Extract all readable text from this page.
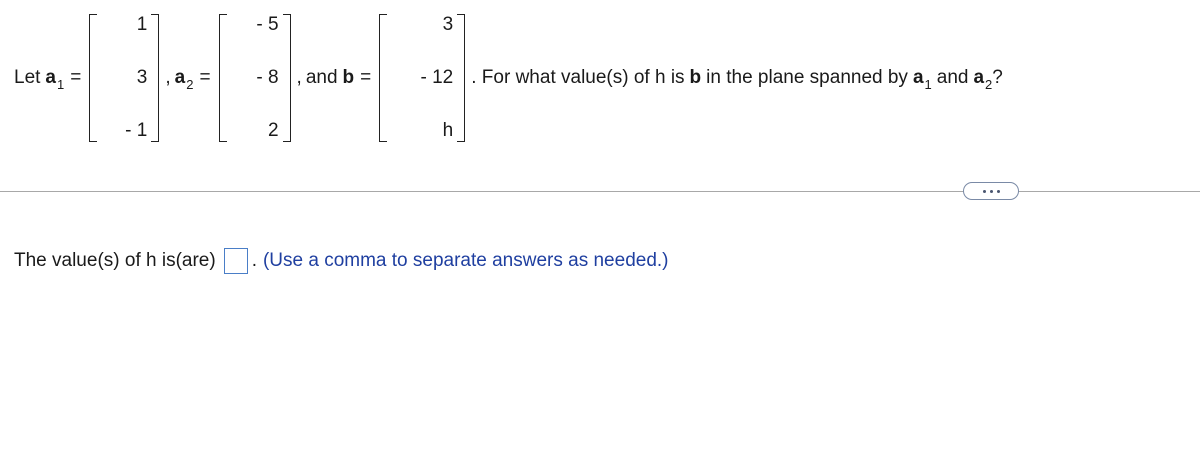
Let $a_1$ =
1
3
- 1
, $a_2$ =
- 5
- 8
2
, and b =
3
- 12
h
. For what value(s) of h is b in the plane spanned by $a_1$ and $a_2$ ?
The value(s) of h is(are) . (Use a comma to separate answers as needed.)
